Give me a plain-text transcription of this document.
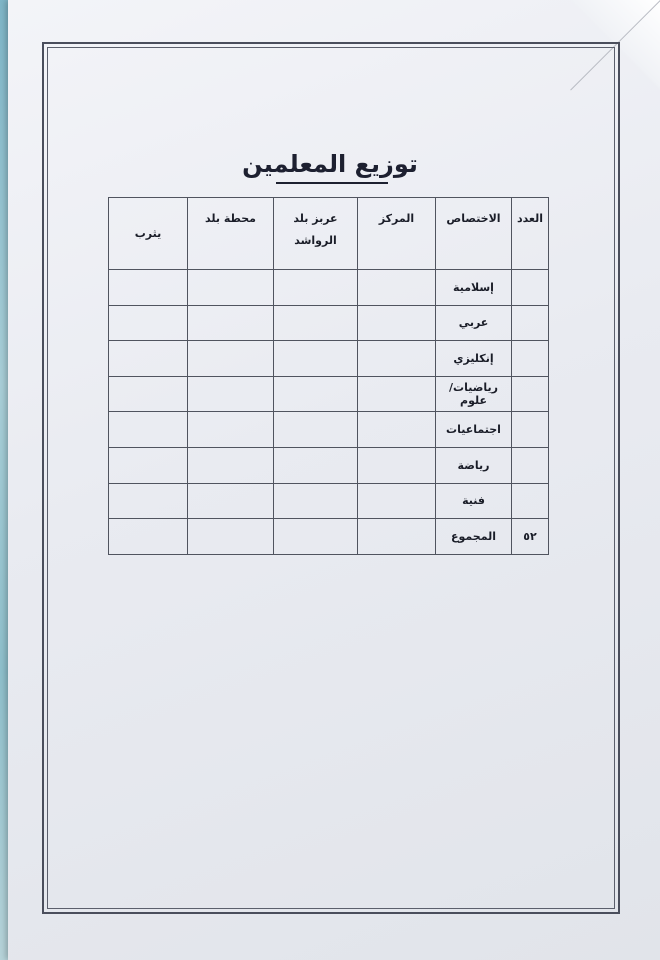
توزيع المعلمين
العدد	الاختصاص	المركز	عربز بلد الرواشد	محطة بلد	يثرب
	إسلامية				
	عربي				
	إنكليزي				
	رياضيات/علوم				
	اجتماعيات				
	رياضة				
	فنية				
٥٢	المجموع				
